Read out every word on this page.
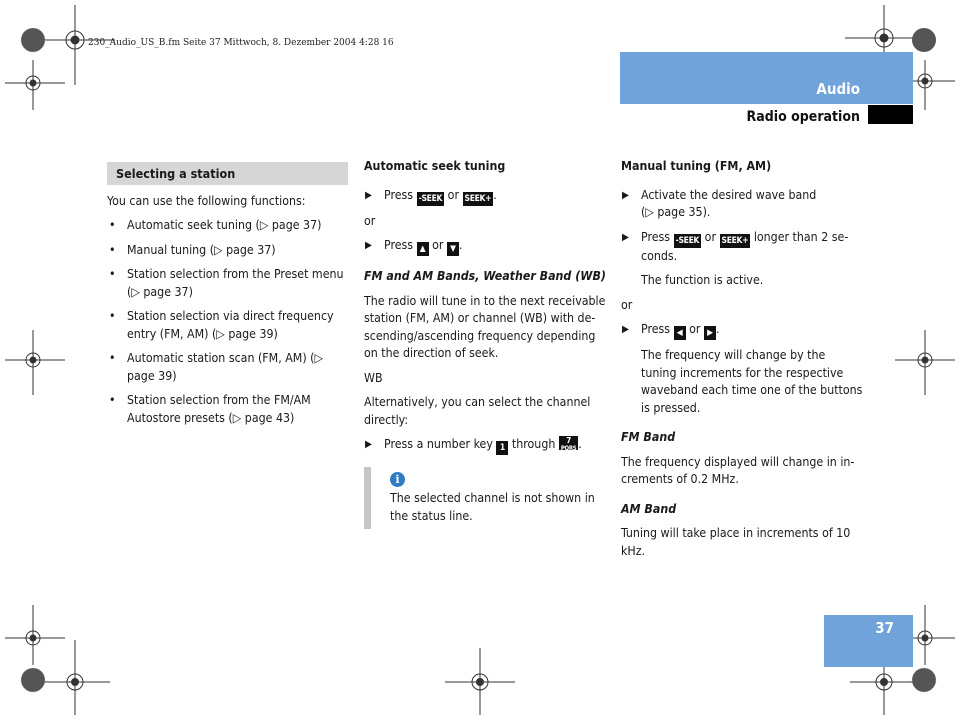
230_Audio_US_B.fm Seite 37 Mittwoch, 8. Dezember 2004 4:28 16
Audio
Radio operation
Selecting a station

You can use the following functions:

• Automatic seek tuning (▷ page 37)
• Manual tuning (▷ page 37)
• Station selection from the Preset menu (▷ page 37)
• Station selection via direct frequency entry (FM, AM) (▷ page 39)
• Automatic station scan (FM, AM) (▷ page 39)
• Station selection from the FM/AM Autostore presets (▷ page 43)

Automatic seek tuning

▶ Press -SEEK or SEEK+ .

or

▶ Press ▲ or ▼ .

FM and AM Bands, Weather Band (WB)

The radio will tune in to the next receivable station (FM, AM) or channel (WB) with de- scending/ascending frequency depending on the direction of seek.

WB

Alternatively, you can select the channel directly:

▶ Press a number key 1 through 7
PQRS .
i
The selected channel is not shown in the status line.

Manual tuning (FM, AM)

▶ Activate the desired wave band
(▷ page 35).
▶ Press -SEEK or SEEK+ longer than 2 se- conds.

The function is active.

or

▶ Press ◀ or ▶ .

The frequency will change by the tuning increments for the respective waveband each time one of the buttons is pressed.

FM Band

The frequency displayed will change in in- crements of 0.2 MHz.

AM Band

Tuning will take place in increments of 10 kHz.

37
